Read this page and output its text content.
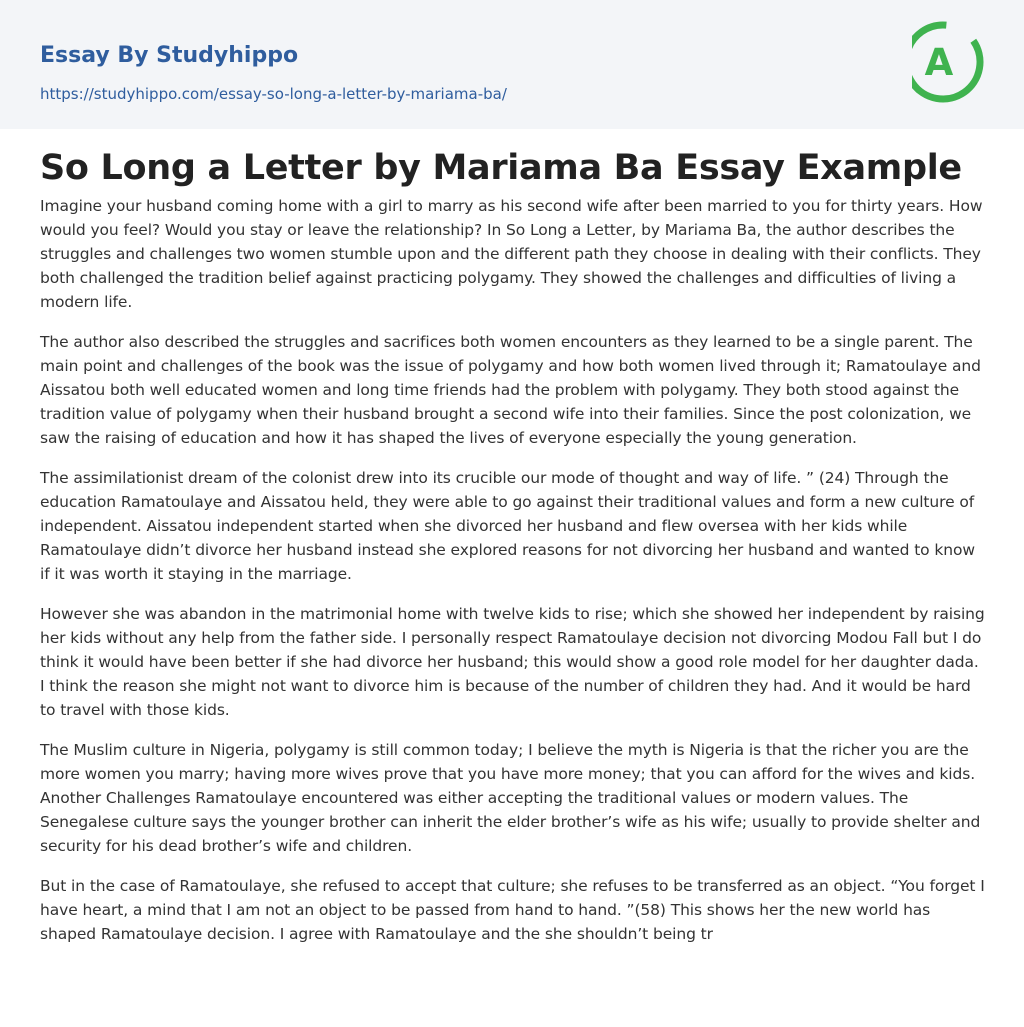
Essay By Studyhippo
https://studyhippo.com/essay-so-long-a-letter-by-mariama-ba/
A
So Long a Letter by Mariama Ba Essay Example

Imagine your husband coming home with a girl to marry as his second wife after been married to you for thirty years. How would you feel? Would you stay or leave the relationship? In So Long a Letter, by Mariama Ba, the author describes the struggles and challenges two women stumble upon and the different path they choose in dealing with their conflicts. They both challenged the tradition belief against practicing polygamy. They showed the challenges and difficulties of living a modern life.

The author also described the struggles and sacrifices both women encounters as they learned to be a single parent. The main point and challenges of the book was the issue of polygamy and how both women lived through it; Ramatoulaye and Aissatou both well educated women and long time friends had the problem with polygamy. They both stood against the tradition value of polygamy when their husband brought a second wife into their families. Since the post colonization, we saw the raising of education and how it has shaped the lives of everyone especially the young generation.

The assimilationist dream of the colonist drew into its crucible our mode of thought and way of life. ” (24) Through the education Ramatoulaye and Aissatou held, they were able to go against their traditional values and form a new culture of independent. Aissatou independent started when she divorced her husband and flew oversea with her kids while Ramatoulaye didn’t divorce her husband instead she explored reasons for not divorcing her husband and wanted to know if it was worth it staying in the marriage.

However she was abandon in the matrimonial home with twelve kids to rise; which she showed her independent by raising her kids without any help from the father side. I personally respect Ramatoulaye decision not divorcing Modou Fall but I do think it would have been better if she had divorce her husband; this would show a good role model for her daughter dada. I think the reason she might not want to divorce him is because of the number of children they had. And it would be hard to travel with those kids.

The Muslim culture in Nigeria, polygamy is still common today; I believe the myth is Nigeria is that the richer you are the more women you marry; having more wives prove that you have more money; that you can afford for the wives and kids. Another Challenges Ramatoulaye encountered was either accepting the traditional values or modern values. The Senegalese culture says the younger brother can inherit the elder brother’s wife as his wife; usually to provide shelter and security for his dead brother’s wife and children.

But in the case of Ramatoulaye, she refused to accept that culture; she refuses to be transferred as an object. “You forget I have heart, a mind that I am not an object to be passed from hand to hand. ”(58) This shows her the new world has shaped Ramatoulaye decision. I agree with Ramatoulaye and the she shouldn’t being tr
